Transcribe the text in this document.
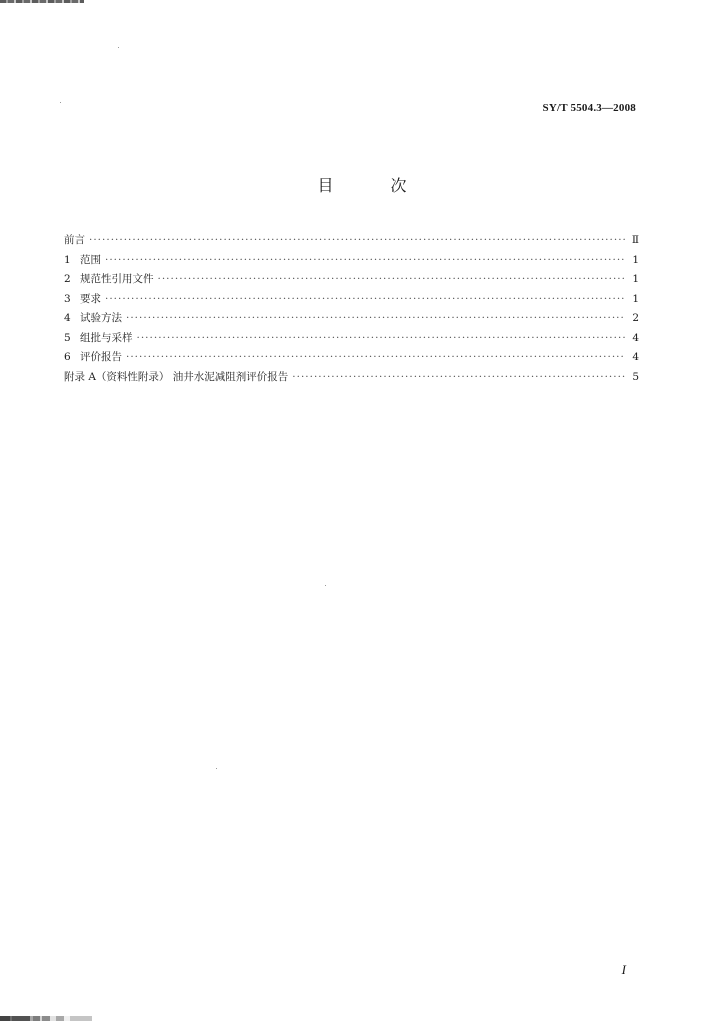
SY/T 5504.3—2008
目 次
前言 ·····	Ⅱ
1 范围 ·····	1
2 规范性引用文件 ·····	1
3 要求 ·····	1
4 试验方法 ·····	2
5 组批与采样 ·····	4
6 评价报告 ·····	4
附录 A（资料性附录） 油井水泥减阻剂评价报告 ·····	5
I
